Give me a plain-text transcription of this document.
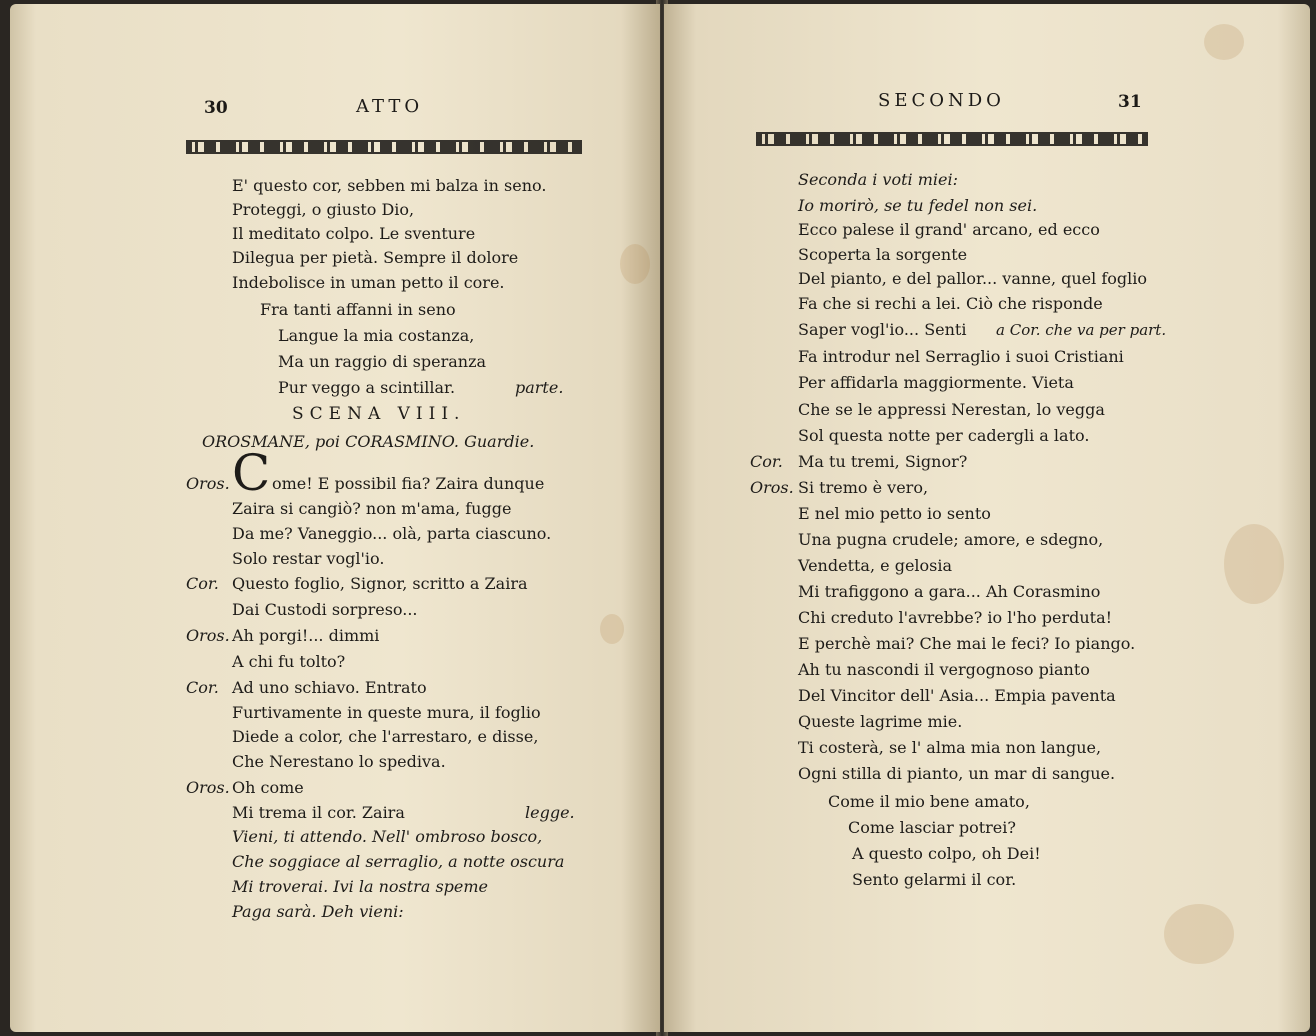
30	ATTO
E' questo cor, sebben mi balza in seno.
Proteggi, o giusto Dio,
Il meditato colpo. Le sventure
Dilegua per pietà. Sempre il dolore
Indebolisce in uman petto il core.
Fra tanti affanni in seno
Langue la mia costanza,
Ma un raggio di speranza
Pur veggo a scintillar.	parte.
SCENA VIII.
OROSMANE, poi CORASMINO. Guardie.
Oros. C ome! E possibil fia? Zaira dunque
Zaira si cangiò? non m'ama, fugge
Da me? Vaneggio... olà, parta ciascuno.
Solo restar vogl'io.
Cor. Questo foglio, Signor, scritto a Zaira
Dai Custodi sorpreso...
Oros. Ah porgi!... dimmi
A chi fu tolto?
Cor. Ad uno schiavo. Entrato
Furtivamente in queste mura, il foglio
Diede a color, che l'arrestaro, e disse,
Che Nerestano lo spediva.
Oros. Oh come
Mi trema il cor. Zaira	legge.
Vieni, ti attendo. Nell' ombroso bosco,
Che soggiace al serraglio, a notte oscura
Mi troverai. Ivi la nostra speme
Paga sarà. Deh vieni:
SECONDO	31
Seconda i voti miei:
Io morirò, se tu fedel non sei.
Ecco palese il grand' arcano, ed ecco
Scoperta la sorgente
Del pianto, e del pallor... vanne, quel foglio
Fa che si rechi a lei. Ciò che risponde
Saper vogl'io... Senti a Cor. che va per part.
Fa introdur nel Serraglio i suoi Cristiani
Per affidarla maggiormente. Vieta
Che se le appressi Nerestan, lo vegga
Sol questa notte per cadergli a lato.
Cor. Ma tu tremi, Signor?
Oros. Si tremo è vero,
E nel mio petto io sento
Una pugna crudele; amore, e sdegno,
Vendetta, e gelosia
Mi trafiggono a gara... Ah Corasmino
Chi creduto l'avrebbe? io l'ho perduta!
E perchè mai? Che mai le feci? Io piango.
Ah tu nascondi il vergognoso pianto
Del Vincitor dell' Asia... Empia paventa
Queste lagrime mie.
Ti costerà, se l' alma mia non langue,
Ogni stilla di pianto, un mar di sangue.
Come il mio bene amato,
Come lasciar potrei?
A questo colpo, oh Dei!
Sento gelarmi il cor.
